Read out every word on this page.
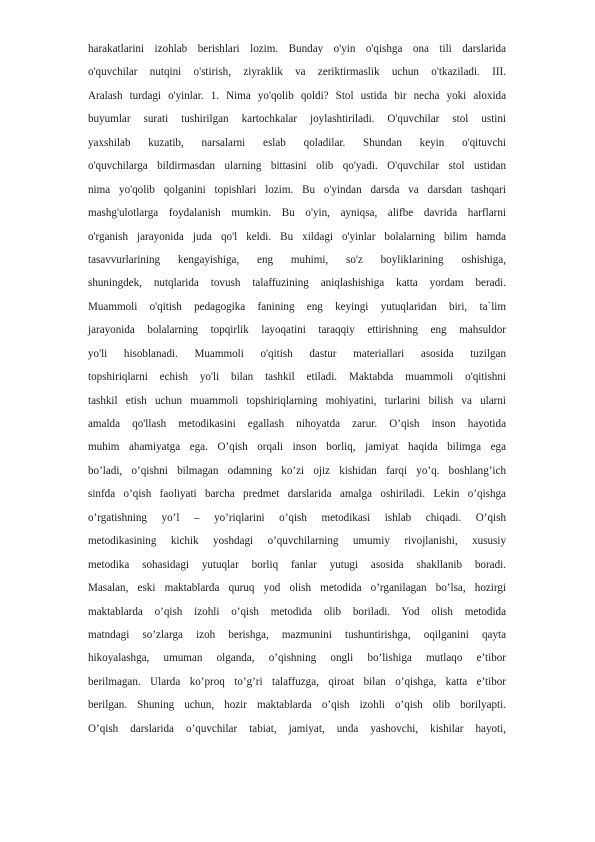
harakatlarini izohlab berishlari lozim. Bunday o'yin o'qishga ona tili darslarida
o'quvchilar nutqini o'stirish, ziyraklik va zeriktirmaslik uchun o'tkaziladi. III.
Aralash turdagi o'yinlar. 1. Nima yo'qolib qoldi? Stol ustida bir necha yoki aloxida
buyumlar surati tushirilgan kartochkalar joylashtiriladi. O'quvchilar stol ustini
yaxshilab kuzatib, narsalarni eslab qoladilar. Shundan keyin o'qituvchi
o'quvchilarga bildirmasdan ularning bittasini olib qo'yadi. O'quvchilar stol ustidan
nima yo'qolib qolganini topishlari lozim. Bu o'yindan darsda va darsdan tashqari
mashg'ulotlarga foydalanish mumkin. Bu o'yin, ayniqsa, alifbe davrida harflarni
o'rganish jarayonida juda qo'l keldi. Bu xildagi o'yinlar bolalarning bilim hamda
tasavvurlarining kengayishiga, eng muhimi, so'z boyliklarining oshishiga,
shuningdek, nutqlarida tovush talaffuzining aniqlashishiga katta yordam beradi.
Muammoli o'qitish pedagogika fanining eng keyingi yutuqlaridan biri, ta`lim
jarayonida bolalarning topqirlik layoqatini taraqqiy ettirishning eng mahsuldor
yo'li hisoblanadi. Muammoli o'qitish dastur materiallari asosida tuzilgan
topshiriqlarni echish yo'li bilan tashkil etiladi. Maktabda muammoli o'qitishni
tashkil etish uchun muammoli topshiriqlarning mohiyatini, turlarini bilish va ularni
amalda qo'llash metodikasini egallash nihoyatda zarur. O’qish inson hayotida
muhim ahamiyatga ega. O’qish orqali inson borliq, jamiyat haqida bilimga ega
bo’ladi, o’qishni bilmagan odamning ko’zi ojiz kishidan farqi yo’q. boshlang’ich
sinfda o’qish faoliyati barcha predmet darslarida amalga oshiriladi. Lekin o’qishga
o’rgatishning yo’l – yo’riqlarini o’qish metodikasi ishlab chiqadi. O’qish
metodikasining kichik yoshdagi o’quvchilarning umumiy rivojlanishi, xususiy
metodika sohasidagi yutuqlar borliq fanlar yutugi asosida shakllanib boradi.
Masalan, eski maktablarda quruq yod olish metodida o’rganilagan bo’lsa, hozirgi
maktablarda o’qish izohli o’qish metodida olib boriladi. Yod olish metodida
matndagi so’zlarga izoh berishga, mazmunini tushuntirishga, oqilganini qayta
hikoyalashga, umuman olganda, o’qishning ongli bo’lishiga mutlaqo e’tibor
berilmagan. Ularda ko’proq to’g’ri talaffuzga, qiroat bilan o’qishga, katta e’tibor
berilgan. Shuning uchun, hozir maktablarda o’qish izohli o’qish olib borilyapti.
O’qish darslarida o’quvchilar tabiat, jamiyat, unda yashovchi, kishilar hayoti,
